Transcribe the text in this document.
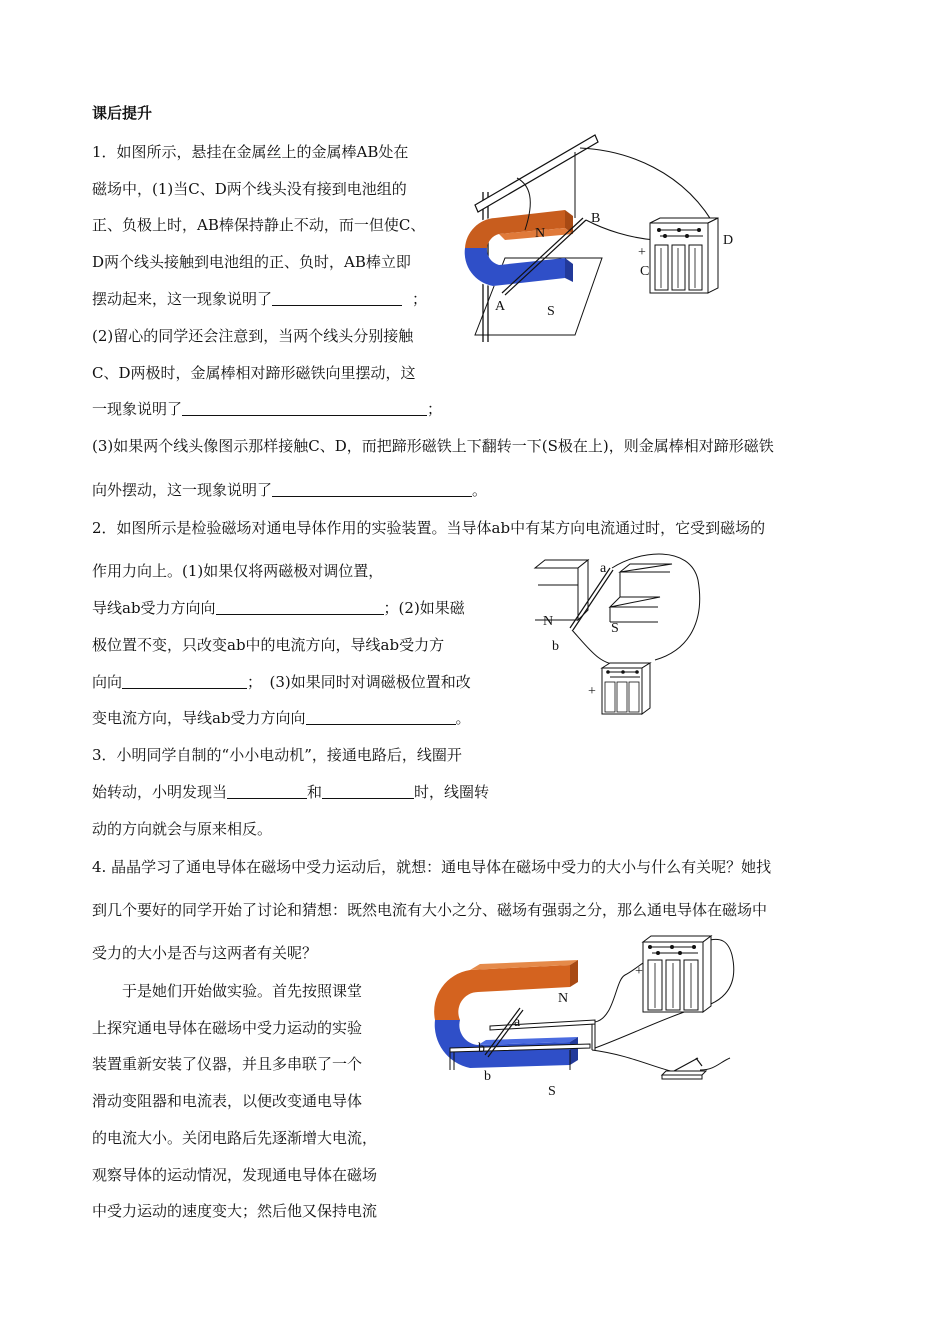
课后提升
1．如图所示，悬挂在金属丝上的金属棒AB处在
磁场中，(1)当C、D两个线头没有接到电池组的
正、负极上时，AB棒保持静止不动，而一但使C、
D两个线头接触到电池组的正、负时，AB棒立即
摆动起来，这一现象说明了	；
(2)留心的同学还会注意到，当两个线头分别接触
C、D两极时，金属棒相对蹄形磁铁向里摆动，这
一现象说明了	；
(3)如果两个线头像图示那样接触C、D，而把蹄形磁铁上下翻转一下(S极在上)，则金属棒相对蹄形磁铁
向外摆动，这一现象说明了	。
B
N	D
+
C
A	S
2．如图所示是检验磁场对通电导体作用的实验装置。当导体ab中有某方向电流通过时，它受到磁场的
作用力向上。(1)如果仅将两磁极对调位置，
导线ab受力方向向	；(2)如果磁
极位置不变，只改变ab中的电流方向，导线ab受力方
向向	；　(3)如果同时对调磁极位置和改
变电流方向，导线ab受力方向向	。
a
N	S
b
+
3．小明同学自制的“小小电动机”，接通电路后，线圈开
始转动，小明发现当	和	时，线圈转
动的方向就会与原来相反。
4. 晶晶学习了通电导体在磁场中受力运动后，就想：通电导体在磁场中受力的大小与什么有关呢？她找
到几个要好的同学开始了讨论和猜想：既然电流有大小之分、磁场有强弱之分，那么通电导体在磁场中
受力的大小是否与这两者有关呢？
　　于是她们开始做实验。首先按照课堂
上探究通电导体在磁场中受力运动的实验
装置重新安装了仪器，并且多串联了一个
滑动变阻器和电流表，以便改变通电导体
的电流大小。关闭电路后先逐渐增大电流，
观察导体的运动情况，发现通电导体在磁场
中受力运动的速度变大；然后他又保持电流
+
N
a
b
b
S
